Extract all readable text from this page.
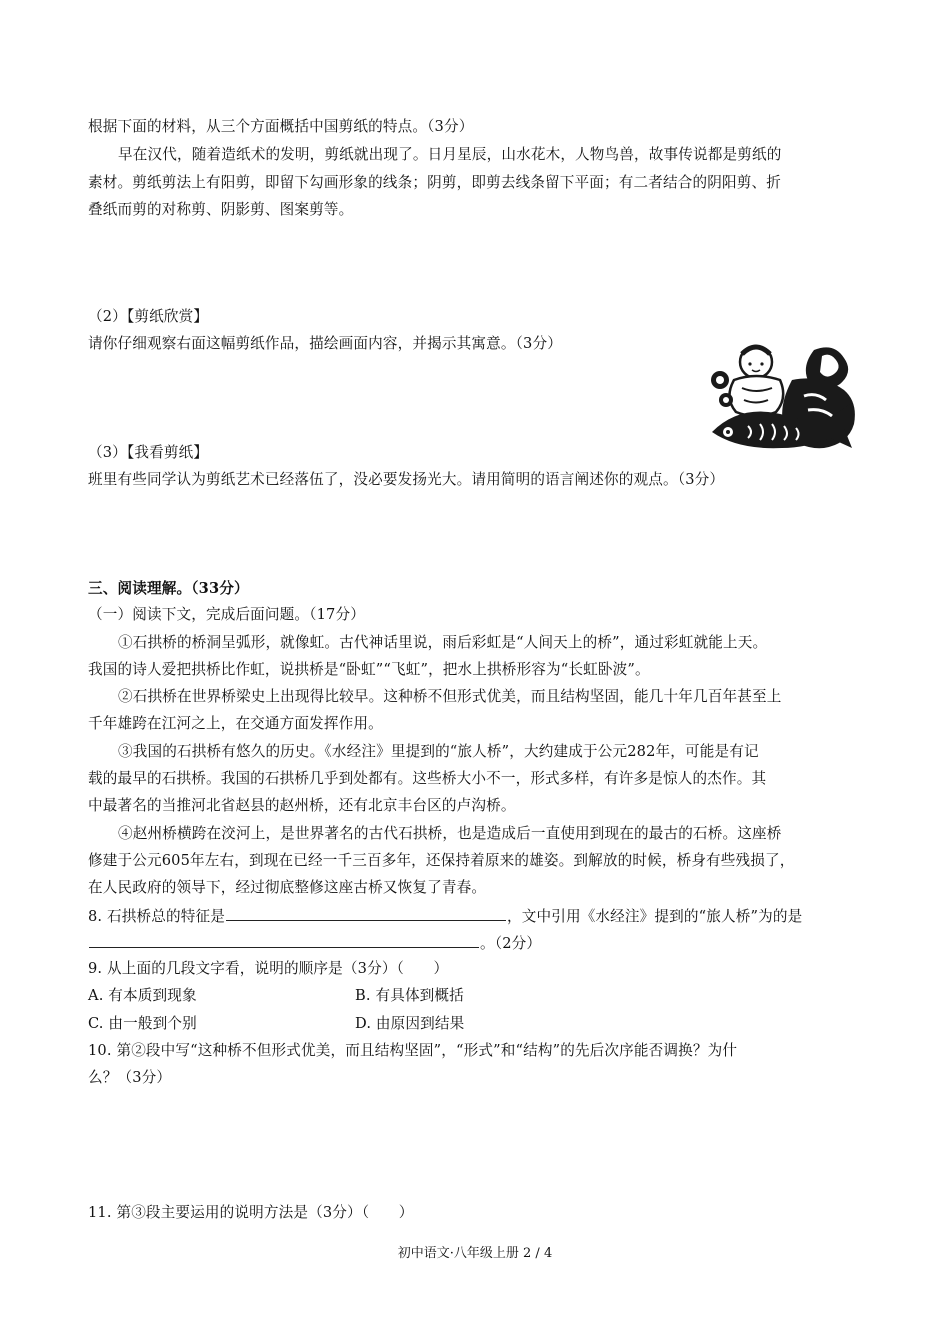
根据下面的材料，从三个方面概括中国剪纸的特点。（3分）
早在汉代，随着造纸术的发明，剪纸就出现了。日月星辰，山水花木，人物鸟兽，故事传说都是剪纸的
素材。剪纸剪法上有阳剪，即留下勾画形象的线条；阴剪，即剪去线条留下平面；有二者结合的阴阳剪、折
叠纸而剪的对称剪、阴影剪、图案剪等。
（2）【剪纸欣赏】
请你仔细观察右面这幅剪纸作品，描绘画面内容，并揭示其寓意。（3分）
（3）【我看剪纸】
班里有些同学认为剪纸艺术已经落伍了，没必要发扬光大。请用简明的语言阐述你的观点。（3分）
三、阅读理解。（33分）
（一）阅读下文，完成后面问题。（17分）
①石拱桥的桥洞呈弧形，就像虹。古代神话里说，雨后彩虹是“人间天上的桥”，通过彩虹就能上天。
我国的诗人爱把拱桥比作虹，说拱桥是“卧虹”“飞虹”，把水上拱桥形容为“长虹卧波”。
②石拱桥在世界桥梁史上出现得比较早。这种桥不但形式优美，而且结构坚固，能几十年几百年甚至上
千年雄跨在江河之上，在交通方面发挥作用。
③我国的石拱桥有悠久的历史。《水经注》里提到的“旅人桥”，大约建成于公元282年，可能是有记
载的最早的石拱桥。我国的石拱桥几乎到处都有。这些桥大小不一，形式多样，有许多是惊人的杰作。其
中最著名的当推河北省赵县的赵州桥，还有北京丰台区的卢沟桥。
④赵州桥横跨在洨河上，是世界著名的古代石拱桥，也是造成后一直使用到现在的最古的石桥。这座桥
修建于公元605年左右，到现在已经一千三百多年，还保持着原来的雄姿。到解放的时候，桥身有些残损了，
在人民政府的领导下，经过彻底整修这座古桥又恢复了青春。
8. 石拱桥总的特征是	，文中引用《水经注》提到的“旅人桥”为的是
。（2分）
9. 从上面的几段文字看，说明的顺序是（3分）（　　）
A. 有本质到现象	B. 有具体到概括
C. 由一般到个别	D. 由原因到结果
10. 第②段中写“这种桥不但形式优美，而且结构坚固”，“形式”和“结构”的先后次序能否调换？为什
么？（3分）
11. 第③段主要运用的说明方法是（3分）（　　）
初中语文·八年级上册 2 / 4
